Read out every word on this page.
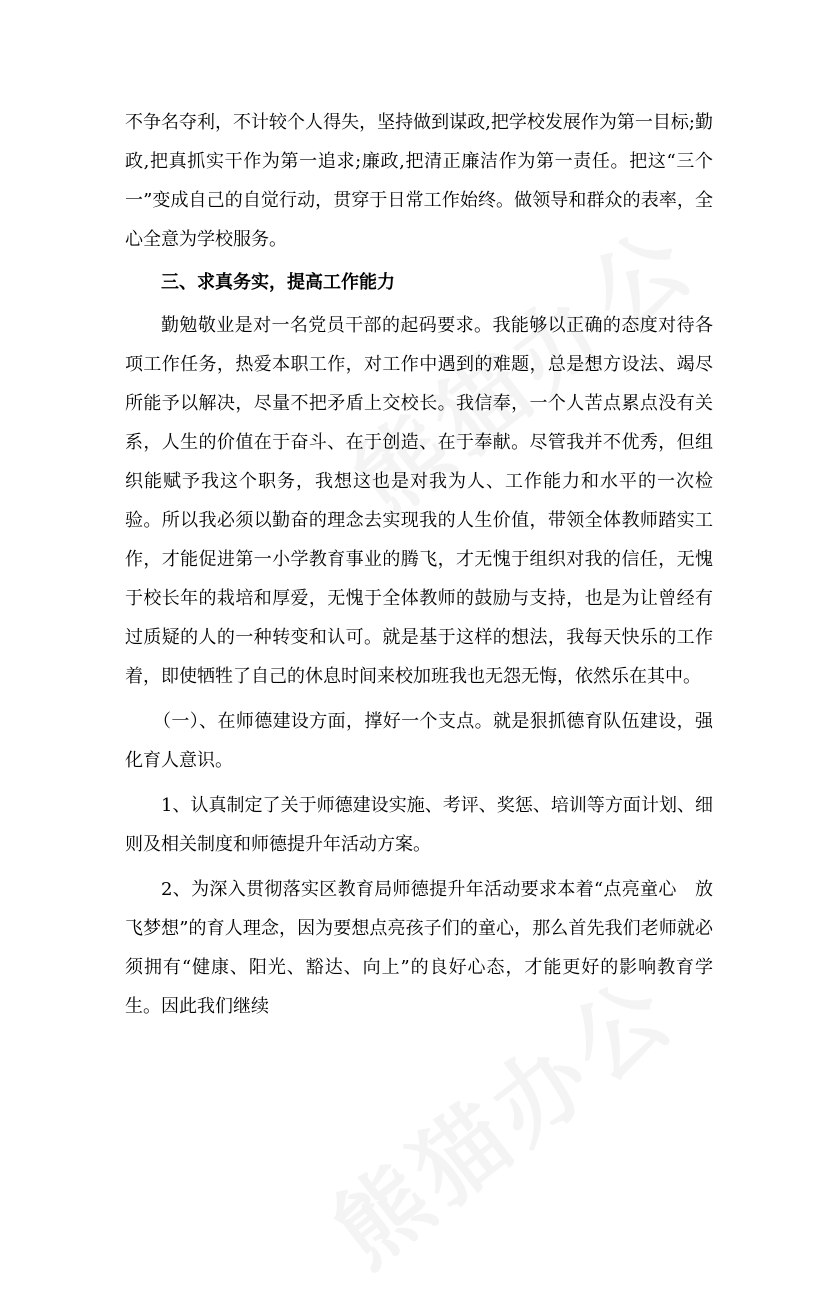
不争名夺利，不计较个人得失，坚持做到谋政,把学校发展作为第一目标;勤政,把真抓实干作为第一追求;廉政,把清正廉洁作为第一责任。把这“三个一”变成自己的自觉行动，贯穿于日常工作始终。做领导和群众的表率，全心全意为学校服务。

三、求真务实，提高工作能力

勤勉敬业是对一名党员干部的起码要求。我能够以正确的态度对待各项工作任务，热爱本职工作，对工作中遇到的难题，总是想方设法、竭尽所能予以解决，尽量不把矛盾上交校长。我信奉，一个人苦点累点没有关系，人生的价值在于奋斗、在于创造、在于奉献。尽管我并不优秀，但组织能赋予我这个职务，我想这也是对我为人、工作能力和水平的一次检验。所以我必须以勤奋的理念去实现我的人生价值，带领全体教师踏实工作，才能促进第一小学教育事业的腾飞，才无愧于组织对我的信任，无愧于校长年的栽培和厚爱，无愧于全体教师的鼓励与支持，也是为让曾经有过质疑的人的一种转变和认可。就是基于这样的想法，我每天快乐的工作着，即使牺牲了自己的休息时间来校加班我也无怨无悔，依然乐在其中。

（一）、在师德建设方面，撑好一个支点。就是狠抓德育队伍建设，强化育人意识。

1、认真制定了关于师德建设实施、考评、奖惩、培训等方面计划、细则及相关制度和师德提升年活动方案。

2、为深入贯彻落实区教育局师德提升年活动要求本着“点亮童心　放飞梦想”的育人理念，因为要想点亮孩子们的童心，那么首先我们老师就必须拥有“健康、阳光、豁达、向上”的良好心态，才能更好的影响教育学生。因此我们继续
